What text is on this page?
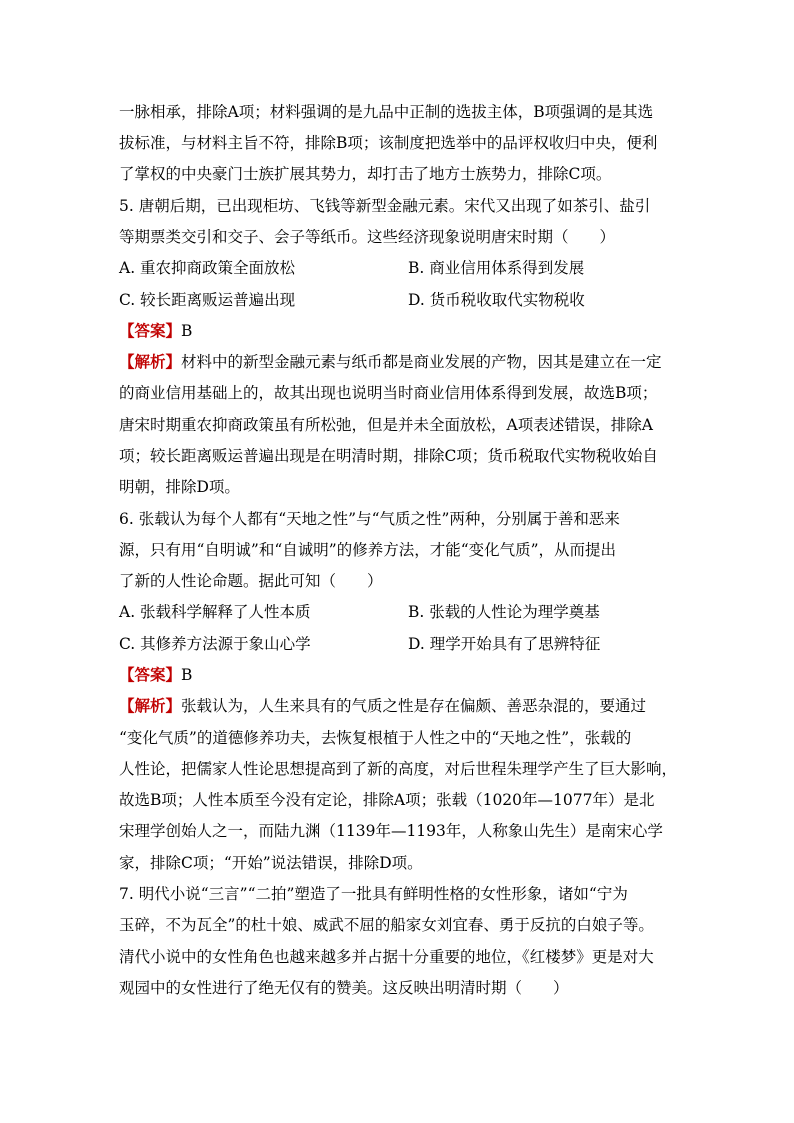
一脉相承，排除A项；材料强调的是九品中正制的选拔主体，B项强调的是其选
拔标准，与材料主旨不符，排除B项；该制度把选举中的品评权收归中央，便利
了掌权的中央豪门士族扩展其势力，却打击了地方士族势力，排除C项。
5. 唐朝后期，已出现柜坊、飞钱等新型金融元素。宋代又出现了如茶引、盐引
等期票类交引和交子、会子等纸币。这些经济现象说明唐宋时期（　　）
A. 重农抑商政策全面放松	B. 商业信用体系得到发展
C. 较长距离贩运普遍出现	D. 货币税收取代实物税收
【答案】B
【解析】材料中的新型金融元素与纸币都是商业发展的产物，因其是建立在一定
的商业信用基础上的，故其出现也说明当时商业信用体系得到发展，故选B项；
唐宋时期重农抑商政策虽有所松弛，但是并未全面放松，A项表述错误，排除A
项；较长距离贩运普遍出现是在明清时期，排除C项；货币税取代实物税收始自
明朝，排除D项。
6. 张载认为每个人都有“天地之性”与“气质之性”两种，分别属于善和恶来
源，只有用“自明诚”和“自诚明”的修养方法，才能“变化气质”，从而提出
了新的人性论命题。据此可知（　　）
A. 张载科学解释了人性本质	B. 张载的人性论为理学奠基
C. 其修养方法源于象山心学	D. 理学开始具有了思辨特征
【答案】B
【解析】张载认为，人生来具有的气质之性是存在偏颇、善恶杂混的，要通过
“变化气质”的道德修养功夫，去恢复根植于人性之中的“天地之性”，张载的
人性论，把儒家人性论思想提高到了新的高度，对后世程朱理学产生了巨大影响，
故选B项；人性本质至今没有定论，排除A项；张载（1020年—1077年）是北
宋理学创始人之一，而陆九渊（1139年—1193年，人称象山先生）是南宋心学
家，排除C项；“开始”说法错误，排除D项。
7. 明代小说“三言”“二拍”塑造了一批具有鲜明性格的女性形象，诸如“宁为
玉碎，不为瓦全”的杜十娘、威武不屈的船家女刘宜春、勇于反抗的白娘子等。
清代小说中的女性角色也越来越多并占据十分重要的地位，《红楼梦》更是对大
观园中的女性进行了绝无仅有的赞美。这反映出明清时期（　　）
